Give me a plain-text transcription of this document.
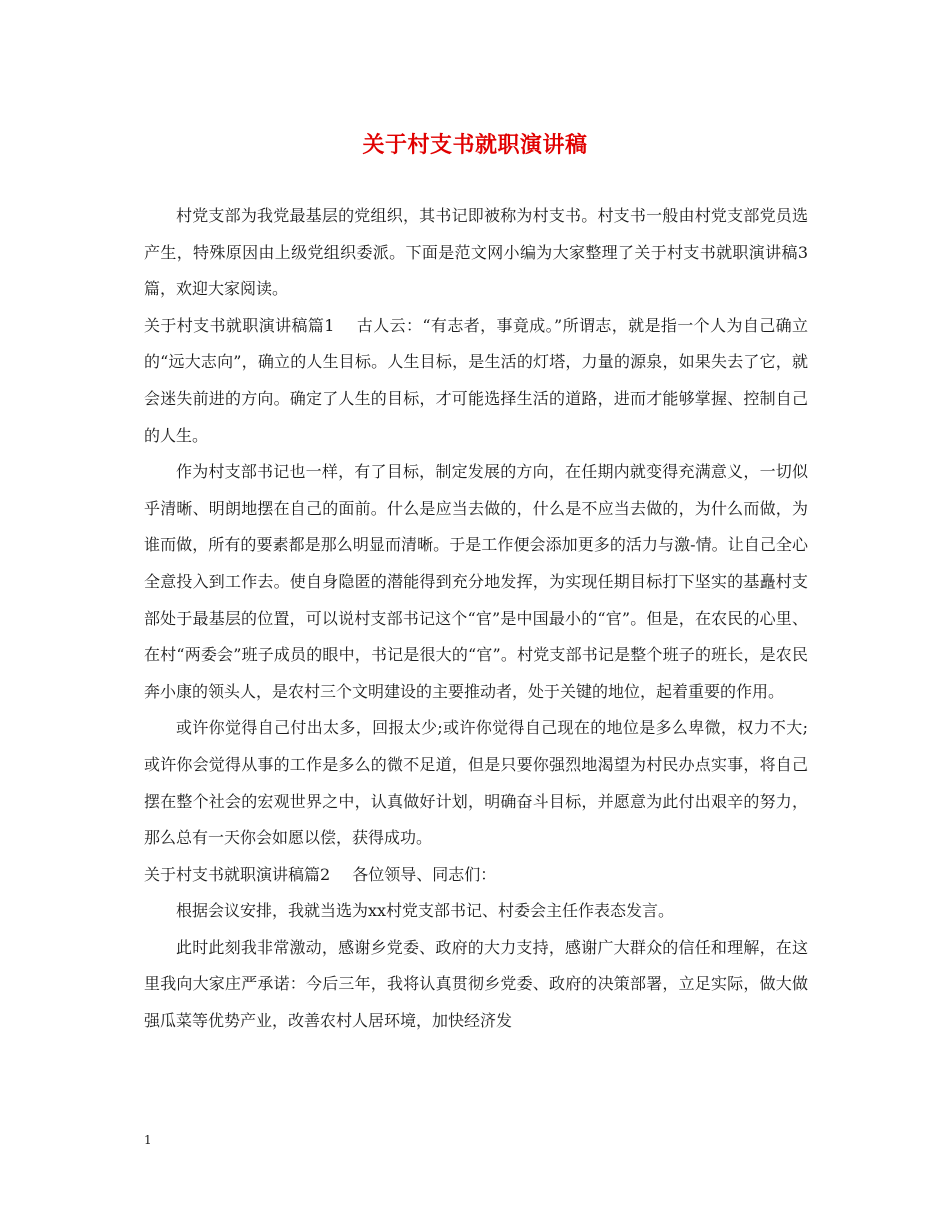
关于村支书就职演讲稿

村党支部为我党最基层的党组织，其书记即被称为村支书。村支书一般由村党支部党员选产生，特殊原因由上级党组织委派。下面是范文网小编为大家整理了关于村支书就职演讲稿3篇，欢迎大家阅读。

关于村支书就职演讲稿篇1 古人云：“有志者，事竟成。”所谓志，就是指一个人为自己确立的“远大志向”，确立的人生目标。人生目标，是生活的灯塔，力量的源泉，如果失去了它，就会迷失前进的方向。确定了人生的目标，才可能选择生活的道路，进而才能够掌握、控制自己的人生。

作为村支部书记也一样，有了目标，制定发展的方向，在任期内就变得充满意义，一切似乎清晰、明朗地摆在自己的面前。什么是应当去做的，什么是不应当去做的，为什么而做，为谁而做，所有的要素都是那么明显而清晰。于是工作便会添加更多的活力与激-情。让自己全心全意投入到工作去。使自身隐匿的潜能得到充分地发挥，为实现任期目标打下坚实的基矗村支部处于最基层的位置，可以说村支部书记这个“官”是中国最小的“官”。但是，在农民的心里、在村“两委会”班子成员的眼中，书记是很大的“官”。村党支部书记是整个班子的班长，是农民奔小康的领头人，是农村三个文明建设的主要推动者，处于关键的地位，起着重要的作用。

或许你觉得自己付出太多，回报太少;或许你觉得自己现在的地位是多么卑微，权力不大;或许你会觉得从事的工作是多么的微不足道，但是只要你强烈地渴望为村民办点实事，将自己摆在整个社会的宏观世界之中，认真做好计划，明确奋斗目标，并愿意为此付出艰辛的努力，那么总有一天你会如愿以偿，获得成功。

关于村支书就职演讲稿篇2 各位领导、同志们：

根据会议安排，我就当选为xx村党支部书记、村委会主任作表态发言。

此时此刻我非常激动，感谢乡党委、政府的大力支持，感谢广大群众的信任和理解，在这里我向大家庄严承诺：今后三年，我将认真贯彻乡党委、政府的决策部署，立足实际，做大做强瓜菜等优势产业，改善农村人居环境，加快经济发

1
